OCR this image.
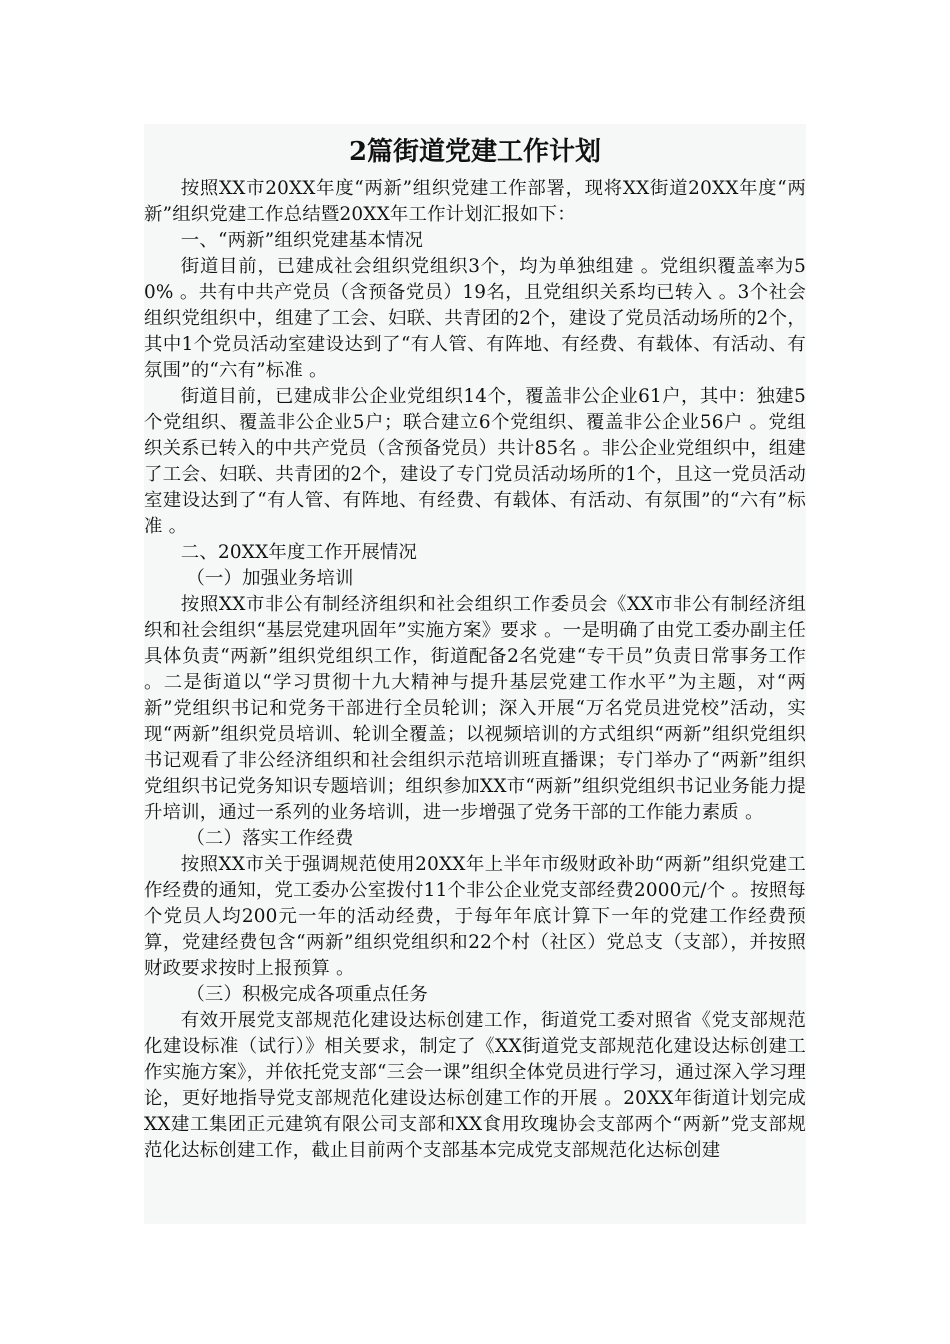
2篇街道党建工作计划

按照XX市20XX年度“两新”组织党建工作部署，现将XX街道20XX年度“两新”组织党建工作总结暨20XX年工作计划汇报如下：

一、“两新”组织党建基本情况

街道目前，已建成社会组织党组织3个，均为单独组建 。党组织覆盖率为50% 。共有中共产党员（含预备党员）19名，且党组织关系均已转入 。3个社会组织党组织中，组建了工会、妇联、共青团的2个，建设了党员活动场所的2个，其中1个党员活动室建设达到了“有人管、有阵地、有经费、有载体、有活动、有氛围”的“六有”标准 。

街道目前，已建成非公企业党组织14个，覆盖非公企业61户，其中：独建5个党组织、覆盖非公企业5户；联合建立6个党组织、覆盖非公企业56户 。党组织关系已转入的中共产党员（含预备党员）共计85名 。非公企业党组织中，组建了工会、妇联、共青团的2个，建设了专门党员活动场所的1个，且这一党员活动室建设达到了“有人管、有阵地、有经费、有载体、有活动、有氛围”的“六有”标准 。

二、20XX年度工作开展情况

（一）加强业务培训

按照XX市非公有制经济组织和社会组织工作委员会《XX市非公有制经济组织和社会组织“基层党建巩固年”实施方案》要求 。一是明确了由党工委办副主任具体负责“两新”组织党组织工作，街道配备2名党建“专干员”负责日常事务工作 。二是街道以“学习贯彻十九大精神与提升基层党建工作水平”为主题，对“两新”党组织书记和党务干部进行全员轮训；深入开展“万名党员进党校”活动，实现“两新”组织党员培训、轮训全覆盖；以视频培训的方式组织“两新”组织党组织书记观看了非公经济组织和社会组织示范培训班直播课；专门举办了“两新”组织党组织书记党务知识专题培训；组织参加XX市“两新”组织党组织书记业务能力提升培训，通过一系列的业务培训，进一步增强了党务干部的工作能力素质 。

（二）落实工作经费

按照XX市关于强调规范使用20XX年上半年市级财政补助“两新”组织党建工作经费的通知，党工委办公室拨付11个非公企业党支部经费2000元/个 。按照每个党员人均200元一年的活动经费，于每年年底计算下一年的党建工作经费预算，党建经费包含“两新”组织党组织和22个村（社区）党总支（支部），并按照财政要求按时上报预算 。

（三）积极完成各项重点任务

有效开展党支部规范化建设达标创建工作，街道党工委对照省《党支部规范化建设标准（试行）》相关要求，制定了《XX街道党支部规范化建设达标创建工作实施方案》，并依托党支部“三会一课”组织全体党员进行学习，通过深入学习理论，更好地指导党支部规范化建设达标创建工作的开展 。20XX年街道计划完成XX建工集团正元建筑有限公司支部和XX食用玫瑰协会支部两个“两新”党支部规范化达标创建工作，截止目前两个支部基本完成党支部规范化达标创建
